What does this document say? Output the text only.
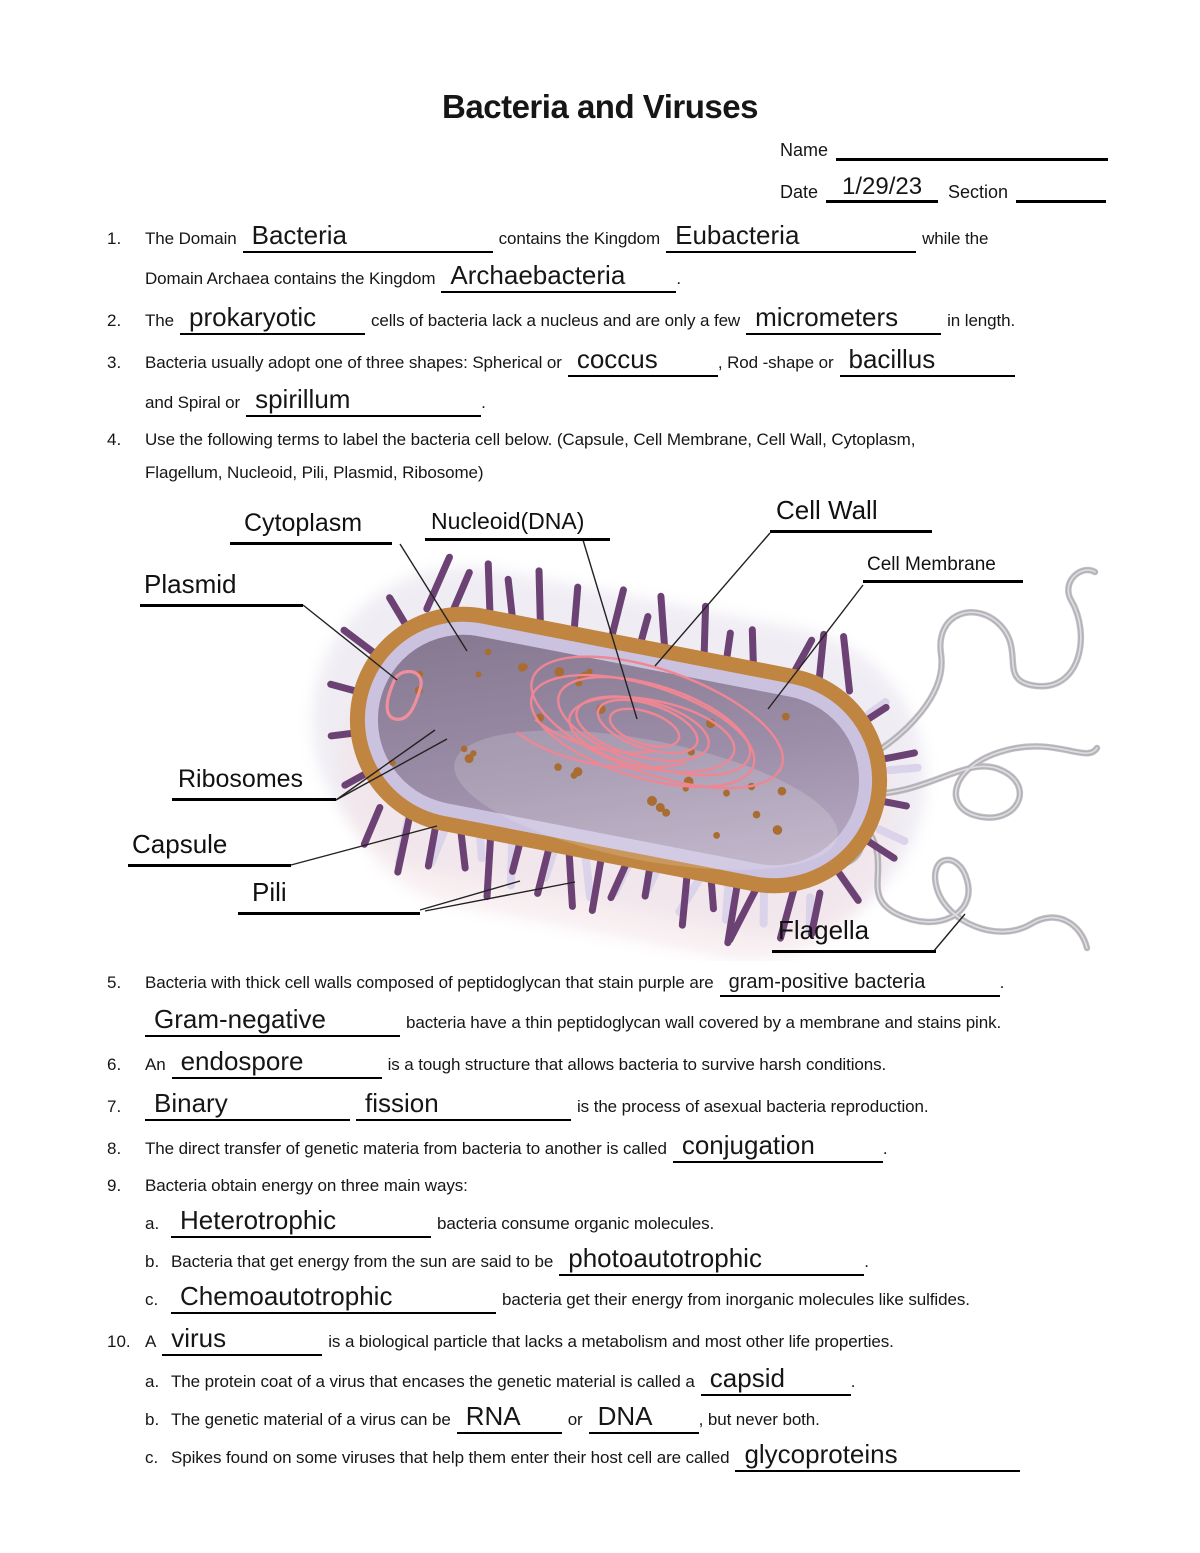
Bacteria and Viruses
Name
Date 1/29/23	Section
1. The Domain Bacteria	contains the Kingdom Eubacteria	while the
Domain Archaea contains the Kingdom Archaebacteria	.
2. The prokaryotic	cells of bacteria lack a nucleus and are only a few micrometers	in length.
3. Bacteria usually adopt one of three shapes: Spherical or coccus	, Rod -shape or bacillus
and Spiral or spirillum	.
4. Use the following terms to label the bacteria cell below. (Capsule, Cell Membrane, Cell Wall, Cytoplasm,
Flagellum, Nucleoid, Pili, Plasmid, Ribosome)
Cytoplasm	Nucleoid(DNA)	Cell Wall
Cell Membrane
Plasmid
Ribosomes
Capsule
Pili
Flagella
5. Bacteria with thick cell walls composed of peptidoglycan that stain purple are gram-positive bacteria	.
Gram-negative	bacteria have a thin peptidoglycan wall covered by a membrane and stains pink.
6. An endospore	is a tough structure that allows bacteria to survive harsh conditions.
7. Binary	fission	is the process of asexual bacteria reproduction.
8. The direct transfer of genetic materia from bacteria to another is called conjugation	.
9. Bacteria obtain energy on three main ways:
a. Heterotrophic	bacteria consume organic molecules.
b. Bacteria that get energy from the sun are said to be photoautotrophic	.
c. Chemoautotrophic	bacteria get their energy from inorganic molecules like sulfides.
10. A virus	is a biological particle that lacks a metabolism and most other life properties.
a. The protein coat of a virus that encases the genetic material is called a capsid	.
b. The genetic material of a virus can be RNA	or DNA	, but never both.
c. Spikes found on some viruses that help them enter their host cell are called glycoproteins
